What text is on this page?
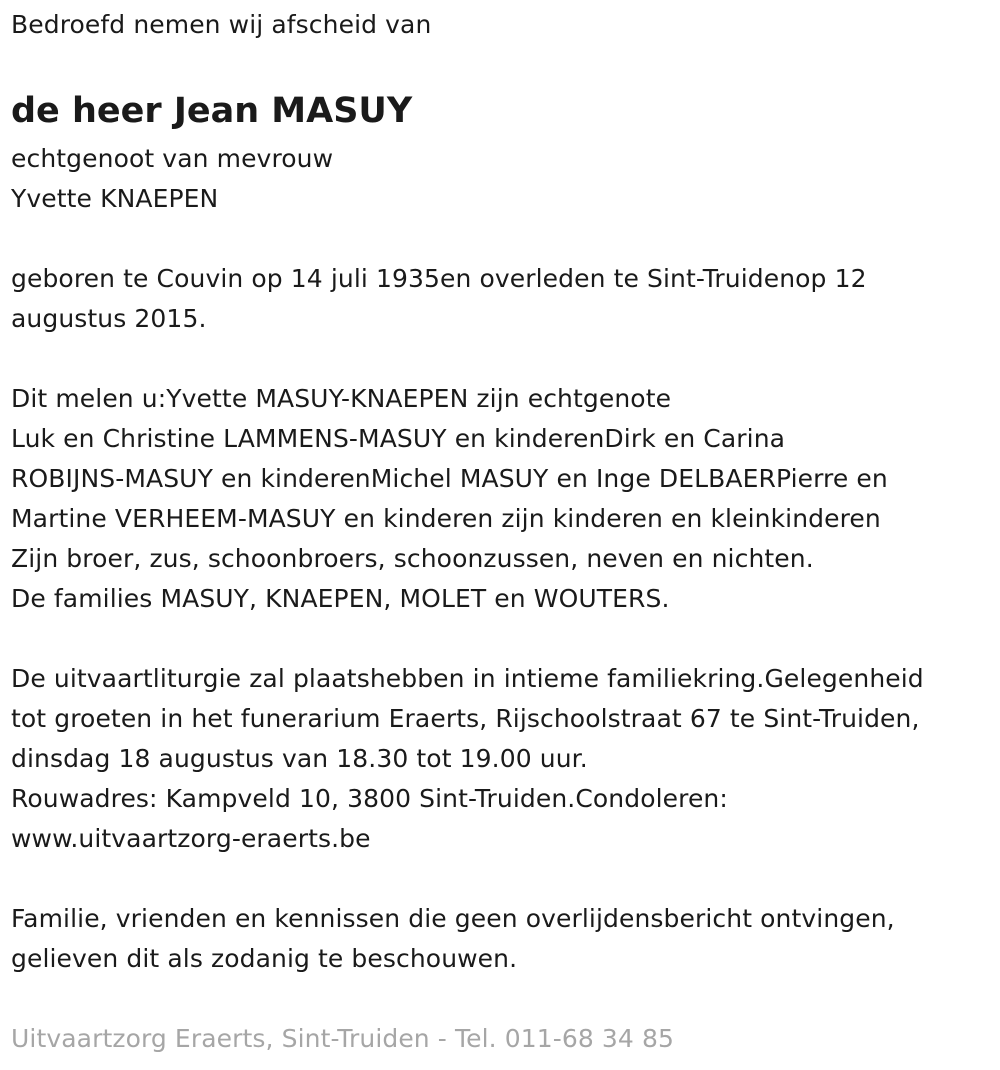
Bedroefd nemen wij afscheid van
de heer Jean MASUY
echtgenoot van mevrouw
Yvette KNAEPEN
geboren te Couvin op 14 juli 1935en overleden te Sint-Truidenop 12
augustus 2015.
Dit melen u:Yvette MASUY-KNAEPEN zijn echtgenote
Luk en Christine LAMMENS-MASUY en kinderenDirk en Carina
ROBIJNS-MASUY en kinderenMichel MASUY en Inge DELBAERPierre en
Martine VERHEEM-MASUY en kinderen zijn kinderen en kleinkinderen
Zijn broer, zus, schoonbroers, schoonzussen, neven en nichten.
De families MASUY, KNAEPEN, MOLET en WOUTERS.
De uitvaartliturgie zal plaatshebben in intieme familiekring.Gelegenheid
tot groeten in het funerarium Eraerts, Rijschoolstraat 67 te Sint-Truiden,
dinsdag 18 augustus van 18.30 tot 19.00 uur.
Rouwadres: Kampveld 10, 3800 Sint-Truiden.Condoleren:
www.uitvaartzorg-eraerts.be
Familie, vrienden en kennissen die geen overlijdensbericht ontvingen,
gelieven dit als zodanig te beschouwen.
Uitvaartzorg Eraerts, Sint-Truiden - Tel. 011-68 34 85
